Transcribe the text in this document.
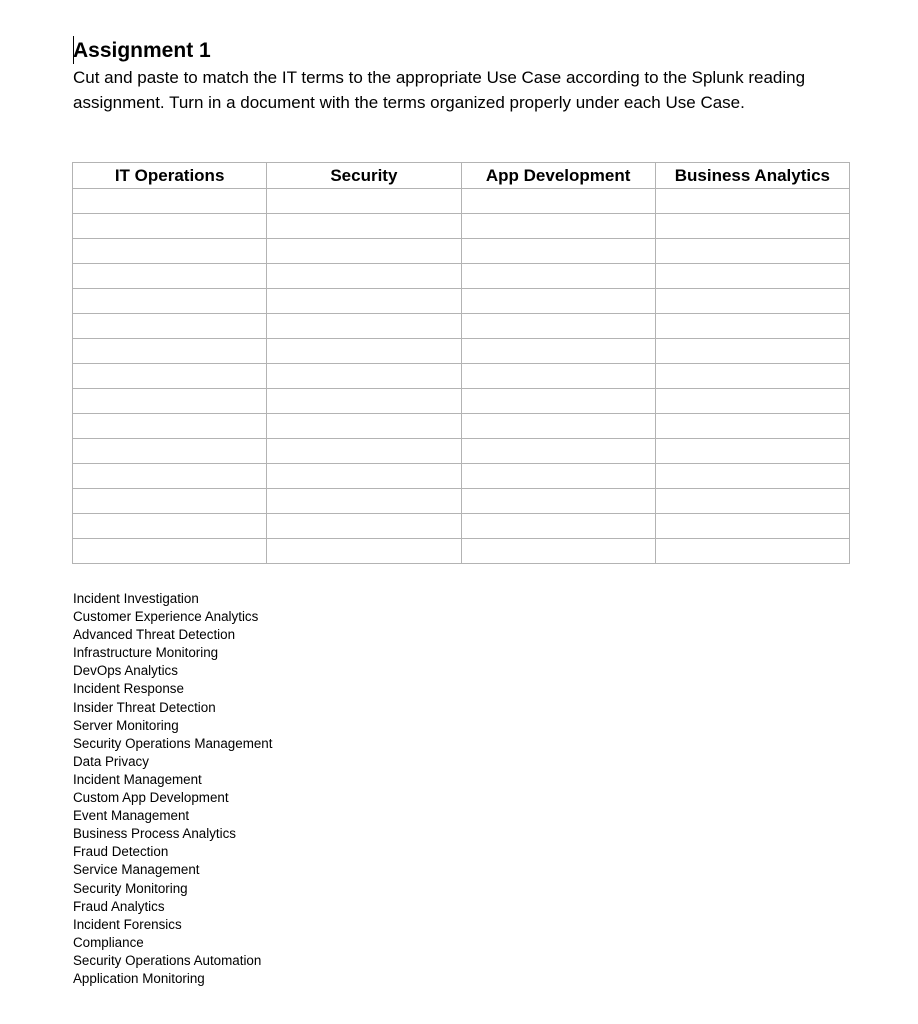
Assignment 1
Cut and paste to match the IT terms to the appropriate Use Case according to the Splunk reading assignment. Turn in a document with the terms organized properly under each Use Case.
IT Operations	Security	App Development	Business Analytics

Incident Investigation
Customer Experience Analytics
Advanced Threat Detection
Infrastructure Monitoring
DevOps Analytics
Incident Response
Insider Threat Detection
Server Monitoring
Security Operations Management
Data Privacy
Incident Management
Custom App Development
Event Management
Business Process Analytics
Fraud Detection
Service Management
Security Monitoring
Fraud Analytics
Incident Forensics
Compliance
Security Operations Automation
Application Monitoring
